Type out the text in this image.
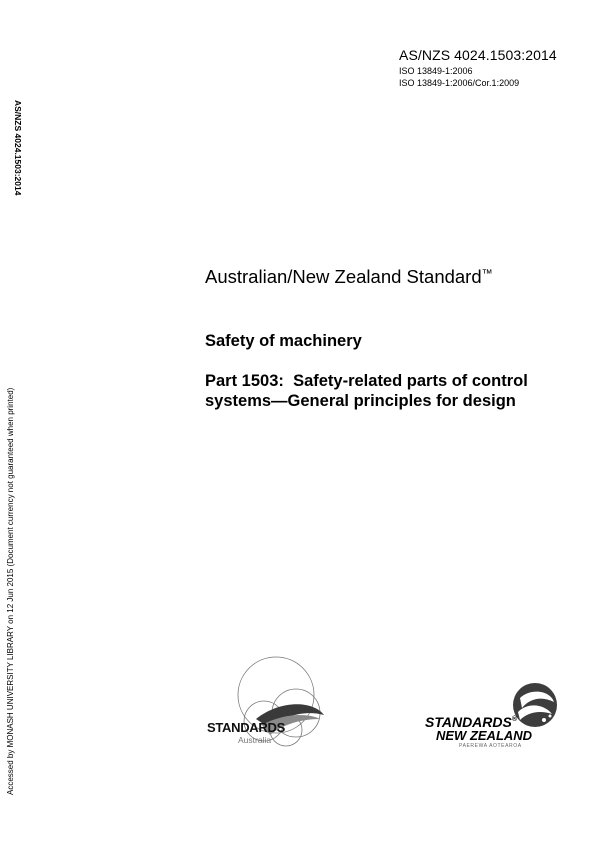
AS/NZS 4024.1503:2014
ISO 13849-1:2006
ISO 13849-1:2006/Cor.1:2009
AS/NZS 4024.1503:2014
Accessed by MONASH UNIVERSITY LIBRARY on 12 Jun 2015 (Document currency not guaranteed when printed)
Australian/New Zealand Standard™
Safety of machinery
Part 1503:  Safety-related parts of control systems—General principles for design
STANDARDS
Australia
STANDARDS®
NEW ZEALAND
PAEREWA AOTEAROA
